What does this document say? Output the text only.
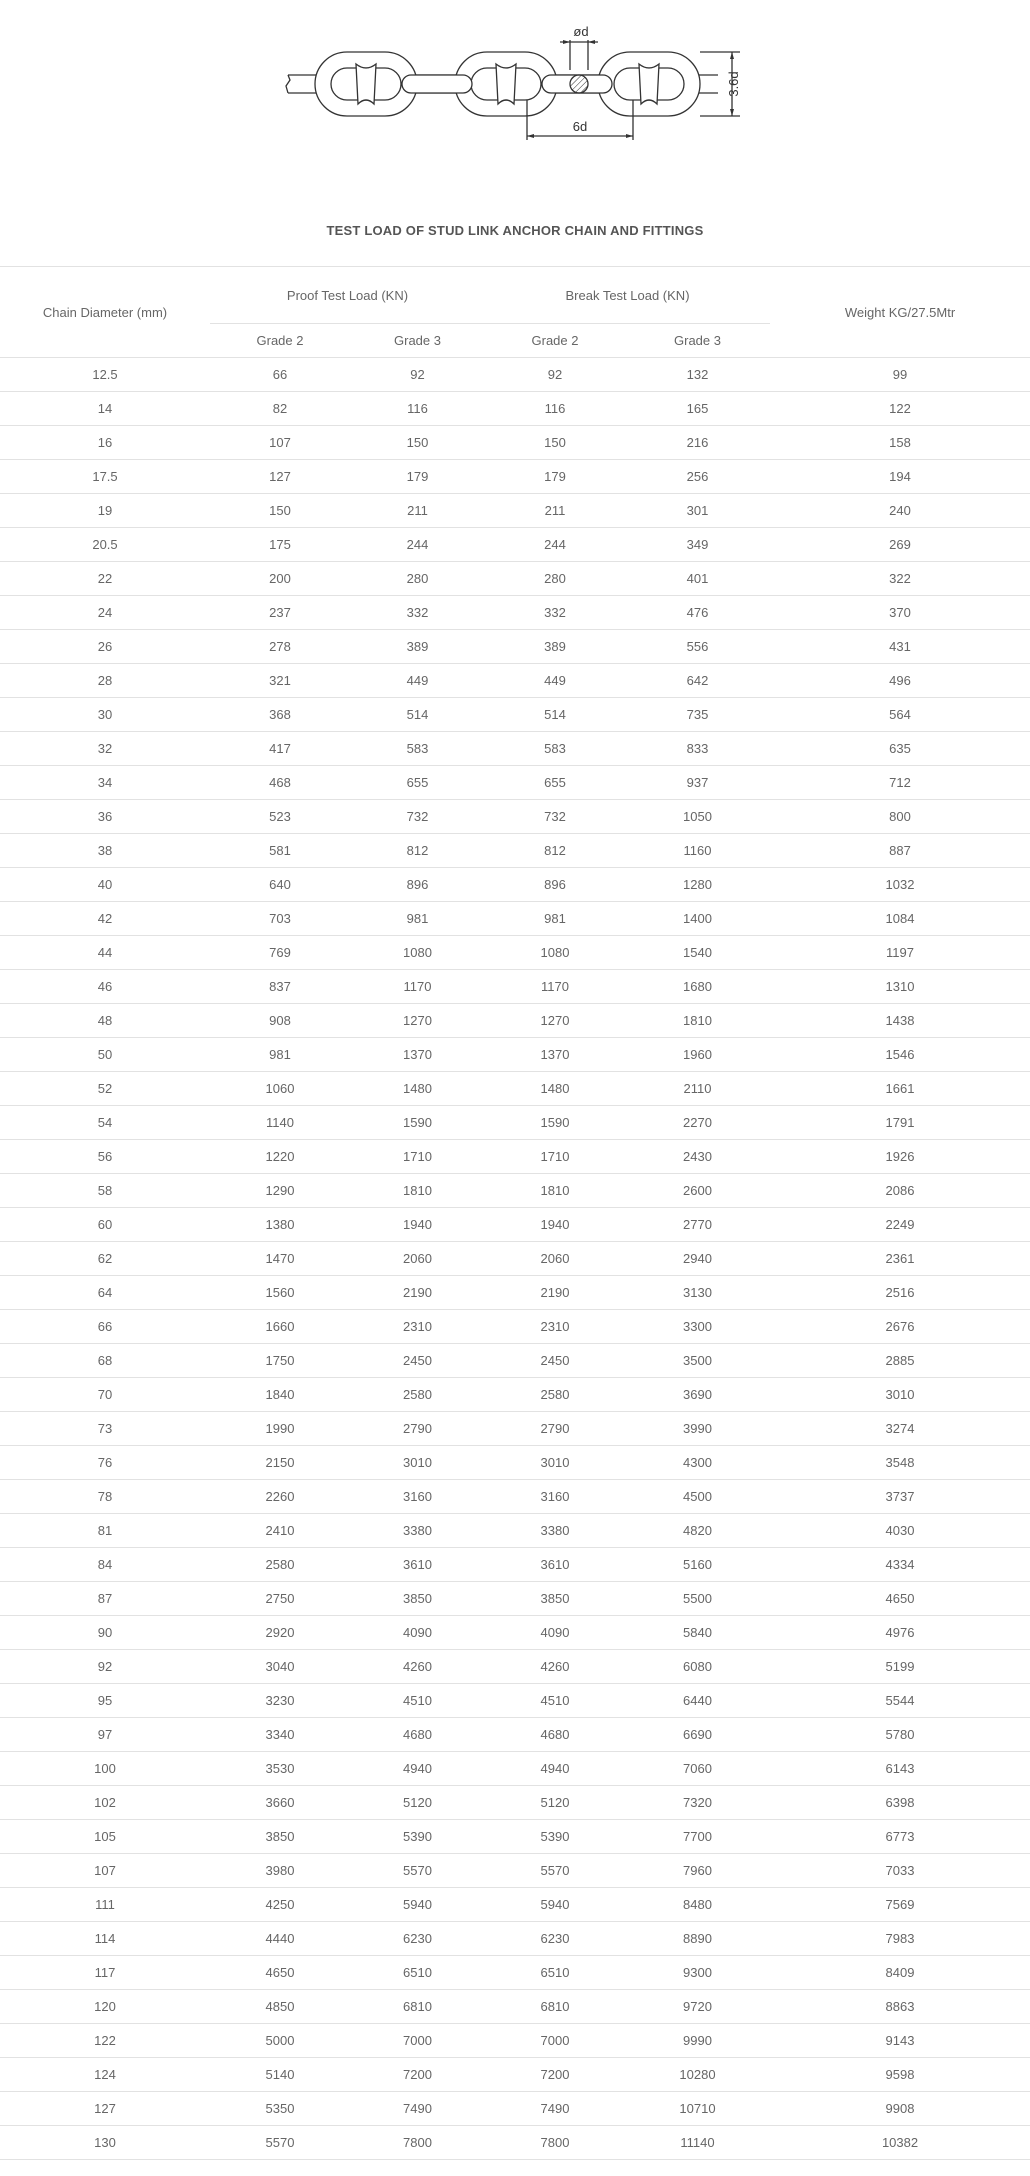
ød
3.6d
6d
TEST LOAD OF STUD LINK ANCHOR CHAIN AND FITTINGS
Chain Diameter (mm)	Proof Test Load (KN)		Break Test Load (KN)		Weight KG/27.5Mtr
	Grade 2	Grade 3	Grade 2	Grade 3	
12.5	66	92	92	132	99
14	82	116	116	165	122
16	107	150	150	216	158
17.5	127	179	179	256	194
19	150	211	211	301	240
20.5	175	244	244	349	269
22	200	280	280	401	322
24	237	332	332	476	370
26	278	389	389	556	431
28	321	449	449	642	496
30	368	514	514	735	564
32	417	583	583	833	635
34	468	655	655	937	712
36	523	732	732	1050	800
38	581	812	812	1160	887
40	640	896	896	1280	1032
42	703	981	981	1400	1084
44	769	1080	1080	1540	1197
46	837	1170	1170	1680	1310
48	908	1270	1270	1810	1438
50	981	1370	1370	1960	1546
52	1060	1480	1480	2110	1661
54	1140	1590	1590	2270	1791
56	1220	1710	1710	2430	1926
58	1290	1810	1810	2600	2086
60	1380	1940	1940	2770	2249
62	1470	2060	2060	2940	2361
64	1560	2190	2190	3130	2516
66	1660	2310	2310	3300	2676
68	1750	2450	2450	3500	2885
70	1840	2580	2580	3690	3010
73	1990	2790	2790	3990	3274
76	2150	3010	3010	4300	3548
78	2260	3160	3160	4500	3737
81	2410	3380	3380	4820	4030
84	2580	3610	3610	5160	4334
87	2750	3850	3850	5500	4650
90	2920	4090	4090	5840	4976
92	3040	4260	4260	6080	5199
95	3230	4510	4510	6440	5544
97	3340	4680	4680	6690	5780
100	3530	4940	4940	7060	6143
102	3660	5120	5120	7320	6398
105	3850	5390	5390	7700	6773
107	3980	5570	5570	7960	7033
111	4250	5940	5940	8480	7569
114	4440	6230	6230	8890	7983
117	4650	6510	6510	9300	8409
120	4850	6810	6810	9720	8863
122	5000	7000	7000	9990	9143
124	5140	7200	7200	10280	9598
127	5350	7490	7490	10710	9908
130	5570	7800	7800	11140	10382
